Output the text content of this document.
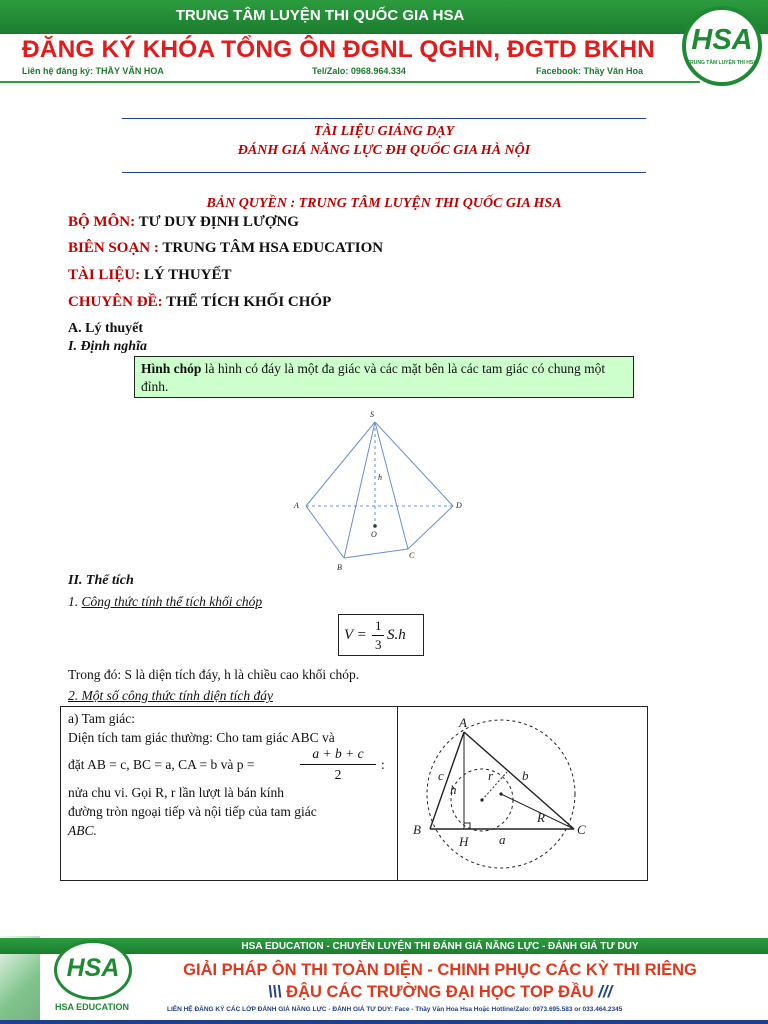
TRUNG TÂM LUYỆN THI QUỐC GIA HSA
ĐĂNG KÝ KHÓA TỔNG ÔN ĐGNL QGHN, ĐGTD BKHN
Liên hệ đăng ký: THẦY VĂN HOA	Tel/Zalo: 0968.964.334	Facebook: Thầy Văn Hoa
HSA
TRUNG TÂM LUYỆN THI HSA
TÀI LIỆU GIẢNG DẠY
ĐÁNH GIÁ NĂNG LỰC ĐH QUỐC GIA HÀ NỘI
BẢN QUYỀN : TRUNG TÂM LUYỆN THI QUỐC GIA HSA
BỘ MÔN: TƯ DUY ĐỊNH LƯỢNG
BIÊN SOẠN : TRUNG TÂM HSA EDUCATION
TÀI LIỆU: LÝ THUYẾT
CHUYÊN ĐỀ: THỂ TÍCH KHỐI CHÓP
A. Lý thuyết
I. Định nghĩa
Hình chóp là hình có đáy là một đa giác và các mặt bên là các tam giác có chung một đỉnh.
S
A
B
C
D
O
h
II. Thể tích
1. Công thức tính thể tích khối chóp
V =
1
3
S.h
Trong đó: S là diện tích đáy, h là chiều cao khối chóp.
2. Một số công thức tính diện tích đáy
a) Tam giác:
Diện tích tam giác thường: Cho tam giác ABC và
đặt AB = c, BC = a, CA = b và p =
a + b + c
2
:
nửa chu vi. Gọi R, r lần lượt là bán kính
đường tròn ngoại tiếp và nội tiếp của tam giác
ABC.
A
B	C
H a
b
c
R
r
h
HSA EDUCATION - CHUYÊN LUYỆN THI ĐÁNH GIÁ NĂNG LỰC - ĐÁNH GIÁ TƯ DUY
GIẢI PHÁP ÔN THI TOÀN DIỆN - CHINH PHỤC CÁC KỲ THI RIÊNG
\\\ ĐẬU CÁC TRƯỜNG ĐẠI HỌC TOP ĐẦU ///
LIÊN HỆ ĐĂNG KÝ CÁC LỚP ĐÁNH GIÁ NĂNG LỰC - ĐÁNH GIÁ TƯ DUY: Face - Thầy Văn Hoa Hsa Hoặc Hotline/Zalo: 0973.695.583 or 033.464.2345
HSA
HSA EDUCATION
